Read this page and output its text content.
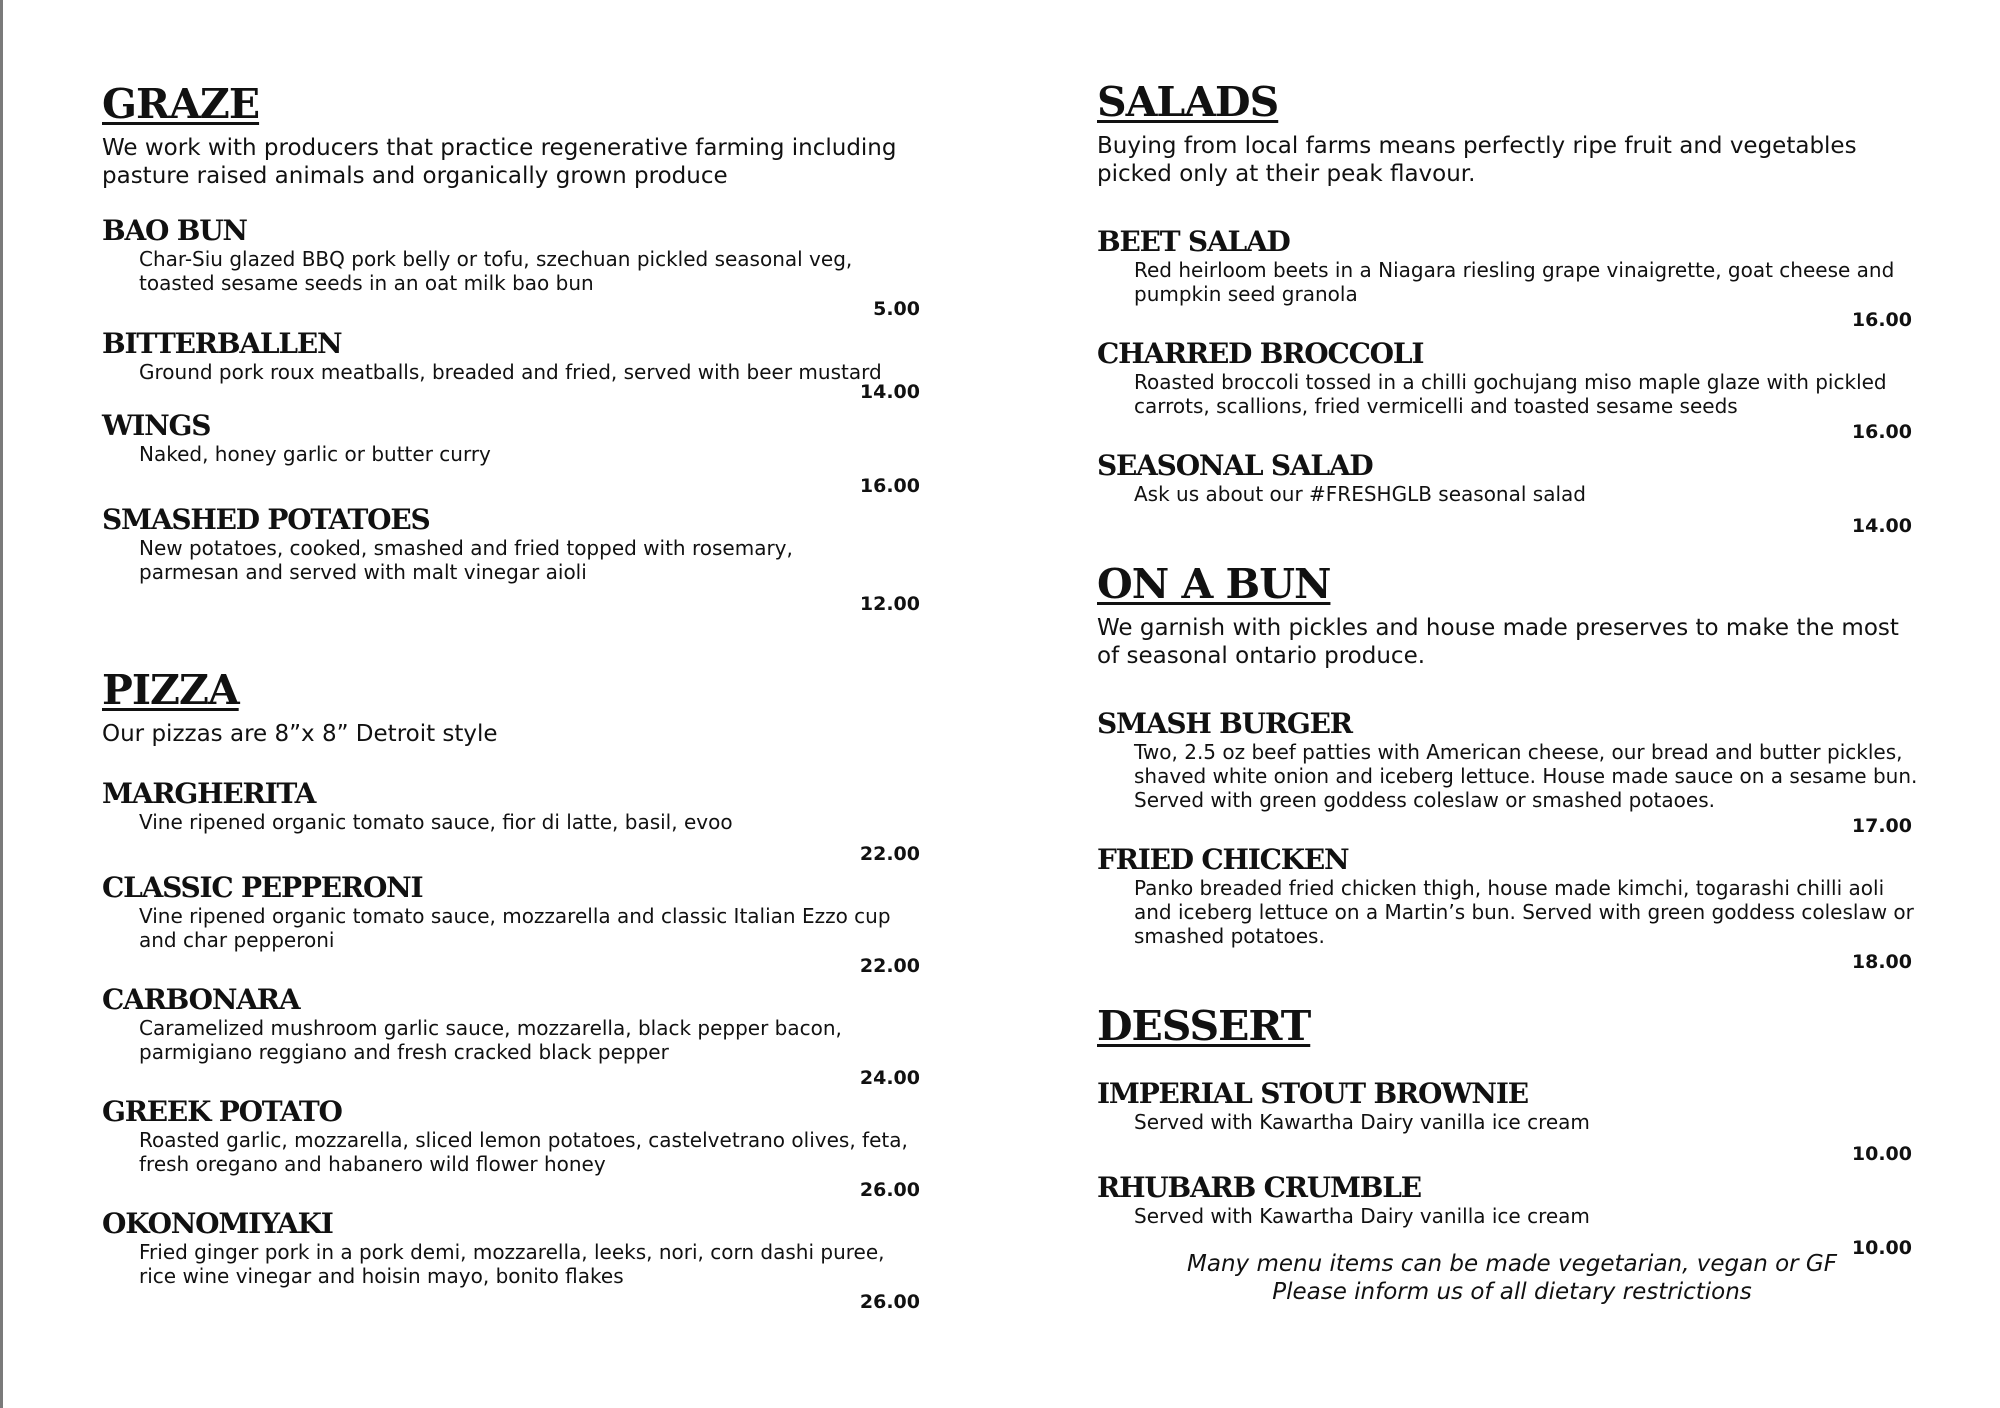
GRAZE

We work with producers that practice regenerative farming including pasture raised animals and organically grown produce

BAO BUN

Char-Siu glazed BBQ pork belly or tofu, szechuan pickled seasonal veg, toasted sesame seeds in an oat milk bao bun

5.00
BITTERBALLEN

Ground pork roux meatballs, breaded and fried, served with beer mustard

14.00
WINGS

Naked, honey garlic or butter curry

16.00
SMASHED POTATOES

New potatoes, cooked, smashed and fried topped with rosemary, parmesan and served with malt vinegar aioli

12.00
PIZZA

Our pizzas are 8”x 8” Detroit style

MARGHERITA

Vine ripened organic tomato sauce, fior di latte, basil, evoo

22.00
CLASSIC PEPPERONI

Vine ripened organic tomato sauce, mozzarella and classic Italian Ezzo cup and char pepperoni

22.00
CARBONARA

Caramelized mushroom garlic sauce, mozzarella, black pepper bacon, parmigiano reggiano and fresh cracked black pepper

24.00
GREEK POTATO

Roasted garlic, mozzarella, sliced lemon potatoes, castelvetrano olives, feta, fresh oregano and habanero wild flower honey

26.00
OKONOMIYAKI

Fried ginger pork in a pork demi, mozzarella, leeks, nori, corn dashi puree, rice wine vinegar and hoisin mayo, bonito flakes

26.00
SALADS

Buying from local farms means perfectly ripe fruit and vegetables picked only at their peak flavour.

BEET SALAD

Red heirloom beets in a Niagara riesling grape vinaigrette, goat cheese and pumpkin seed granola

16.00
CHARRED BROCCOLI

Roasted broccoli tossed in a chilli gochujang miso maple glaze with pickled carrots, scallions, fried vermicelli and toasted sesame seeds

16.00
SEASONAL SALAD

Ask us about our #FRESHGLB seasonal salad

14.00
ON A BUN

We garnish with pickles and house made preserves to make the most of seasonal ontario produce.

SMASH BURGER

Two, 2.5 oz beef patties with American cheese, our bread and butter pickles, shaved white onion and iceberg lettuce. House made sauce on a sesame bun. Served with green goddess coleslaw or smashed potaoes.

17.00
FRIED CHICKEN

Panko breaded fried chicken thigh, house made kimchi, togarashi chilli aoli and iceberg lettuce on a Martin’s bun. Served with green goddess coleslaw or smashed potatoes.

18.00
DESSERT
IMPERIAL STOUT BROWNIE

Served with Kawartha Dairy vanilla ice cream

10.00
RHUBARB CRUMBLE

Served with Kawartha Dairy vanilla ice cream

10.00
Many menu items can be made vegetarian, vegan or GF
Please inform us of all dietary restrictions
